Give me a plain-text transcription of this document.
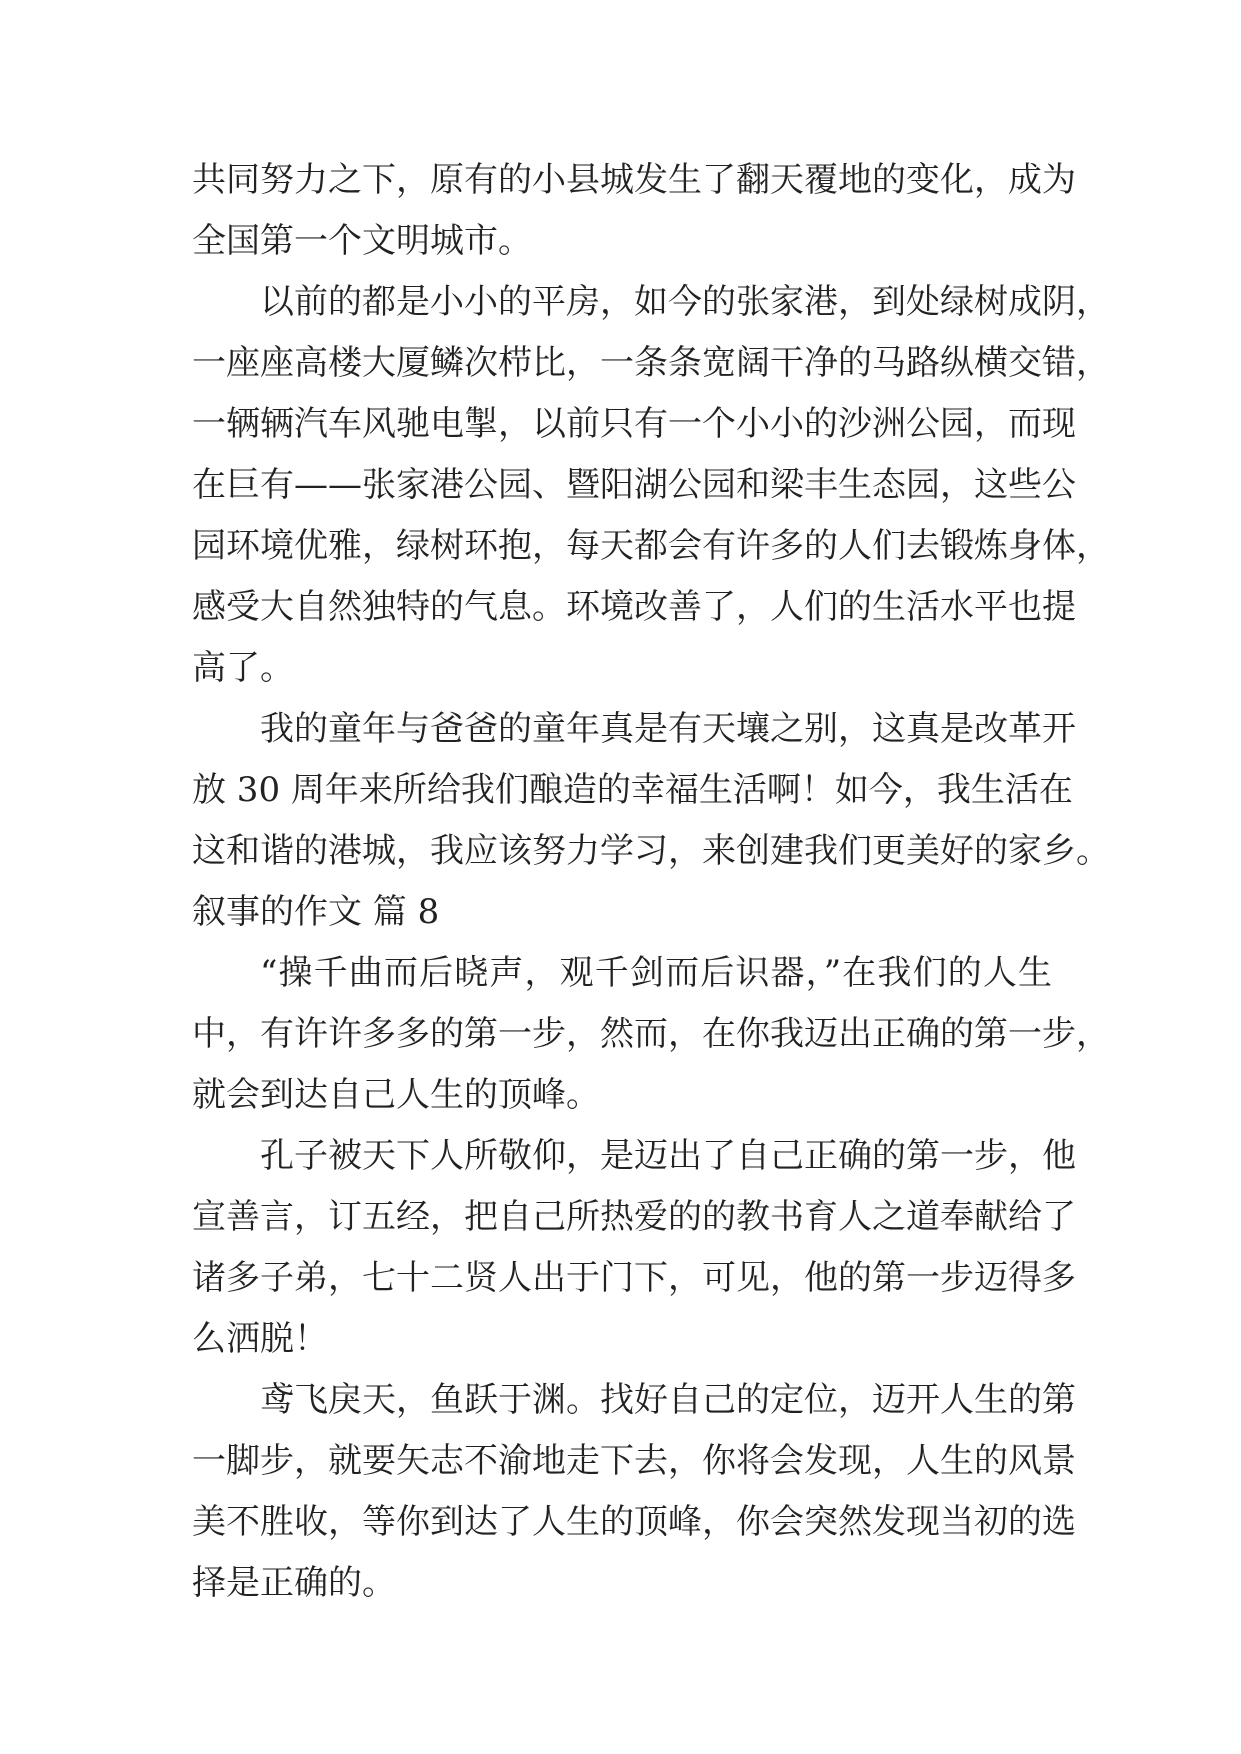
共同努力之下，原有的小县城发生了翻天覆地的变化，成为
全国第一个文明城市。
以前的都是小小的平房，如今的张家港，到处绿树成阴，
一座座高楼大厦鳞次栉比，一条条宽阔干净的马路纵横交错，
一辆辆汽车风驰电掣，以前只有一个小小的沙洲公园，而现
在巨有——张家港公园、暨阳湖公园和梁丰生态园，这些公
园环境优雅，绿树环抱，每天都会有许多的人们去锻炼身体，
感受大自然独特的气息。环境改善了，人们的生活水平也提
高了。
我的童年与爸爸的童年真是有天壤之别，这真是改革开
放 30 周年来所给我们酿造的幸福生活啊！如今，我生活在
这和谐的港城，我应该努力学习，来创建我们更美好的家乡。
叙事的作文 篇 8
“操千曲而后晓声，观千剑而后识器，”在我们的人生
中，有许许多多的第一步，然而，在你我迈出正确的第一步，
就会到达自己人生的顶峰。
孔子被天下人所敬仰，是迈出了自己正确的第一步，他
宣善言，订五经，把自己所热爱的的教书育人之道奉献给了
诸多子弟，七十二贤人出于门下，可见，他的第一步迈得多
么洒脱！
鸢飞戾天，鱼跃于渊。找好自己的定位，迈开人生的第
一脚步，就要矢志不渝地走下去，你将会发现，人生的风景
美不胜收，等你到达了人生的顶峰，你会突然发现当初的选
择是正确的。
